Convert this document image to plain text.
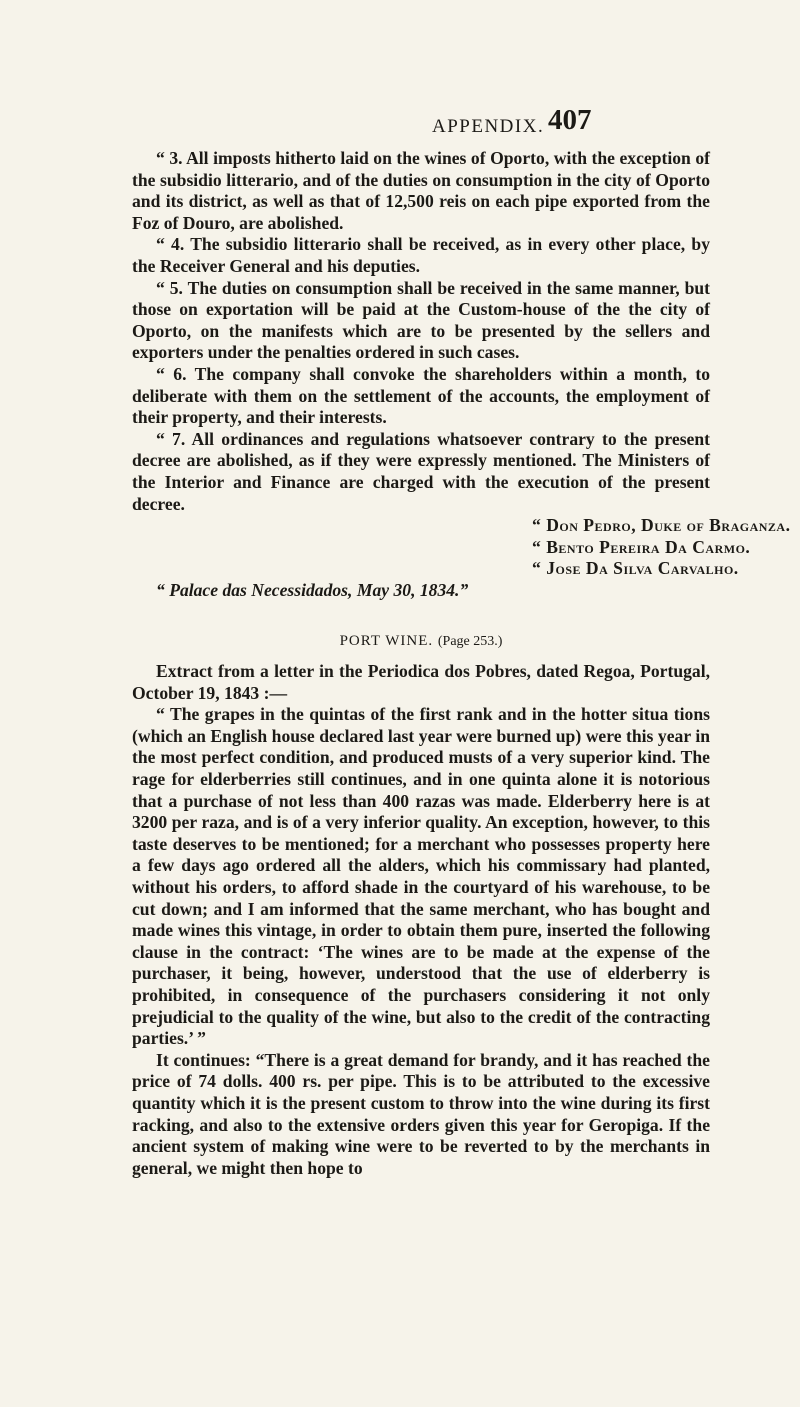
APPENDIX. 407

“ 3. All imposts hitherto laid on the wines of Oporto, with the exception of the subsidio litterario, and of the duties on consumption in the city of Oporto and its district, as well as that of 12,500 reis on each pipe exported from the Foz of Douro, are abolished.

“ 4. The subsidio litterario shall be received, as in every other place, by the Receiver General and his deputies.

“ 5. The duties on consumption shall be received in the same manner, but those on exportation will be paid at the Custom-house of the the city of Oporto, on the manifests which are to be presented by the sellers and exporters under the penalties ordered in such cases.

“ 6. The company shall convoke the shareholders within a month, to deliberate with them on the settlement of the accounts, the employment of their property, and their interests.

“ 7. All ordinances and regulations whatsoever contrary to the present decree are abolished, as if they were expressly mentioned. The Ministers of the Interior and Finance are charged with the execution of the present decree.

“ Don Pedro, Duke of Braganza.

“ Bento Pereira Da Carmo.

“ Jose Da Silva Carvalho.

“ Palace das Necessidados, May 30, 1834.”

PORT WINE. (Page 253.)

Extract from a letter in the Periodica dos Pobres, dated Regoa, Portugal, October 19, 1843 :—

“ The grapes in the quintas of the first rank and in the hotter situa tions (which an English house declared last year were burned up) were this year in the most perfect condition, and produced musts of a very superior kind. The rage for elderberries still continues, and in one quinta alone it is notorious that a purchase of not less than 400 razas was made. Elderberry here is at 3200 per raza, and is of a very inferior quality. An exception, however, to this taste deserves to be mentioned; for a merchant who possesses property here a few days ago ordered all the alders, which his commissary had planted, without his orders, to afford shade in the courtyard of his warehouse, to be cut down; and I am informed that the same merchant, who has bought and made wines this vintage, in order to obtain them pure, inserted the following clause in the contract: ‘The wines are to be made at the expense of the purchaser, it being, however, understood that the use of elderberry is prohibited, in consequence of the purchasers considering it not only prejudicial to the quality of the wine, but also to the credit of the contracting parties.’ ”

It continues: “There is a great demand for brandy, and it has reached the price of 74 dolls. 400 rs. per pipe. This is to be attributed to the excessive quantity which it is the present custom to throw into the wine during its first racking, and also to the extensive orders given this year for Geropiga. If the ancient system of making wine were to be reverted to by the merchants in general, we might then hope to
